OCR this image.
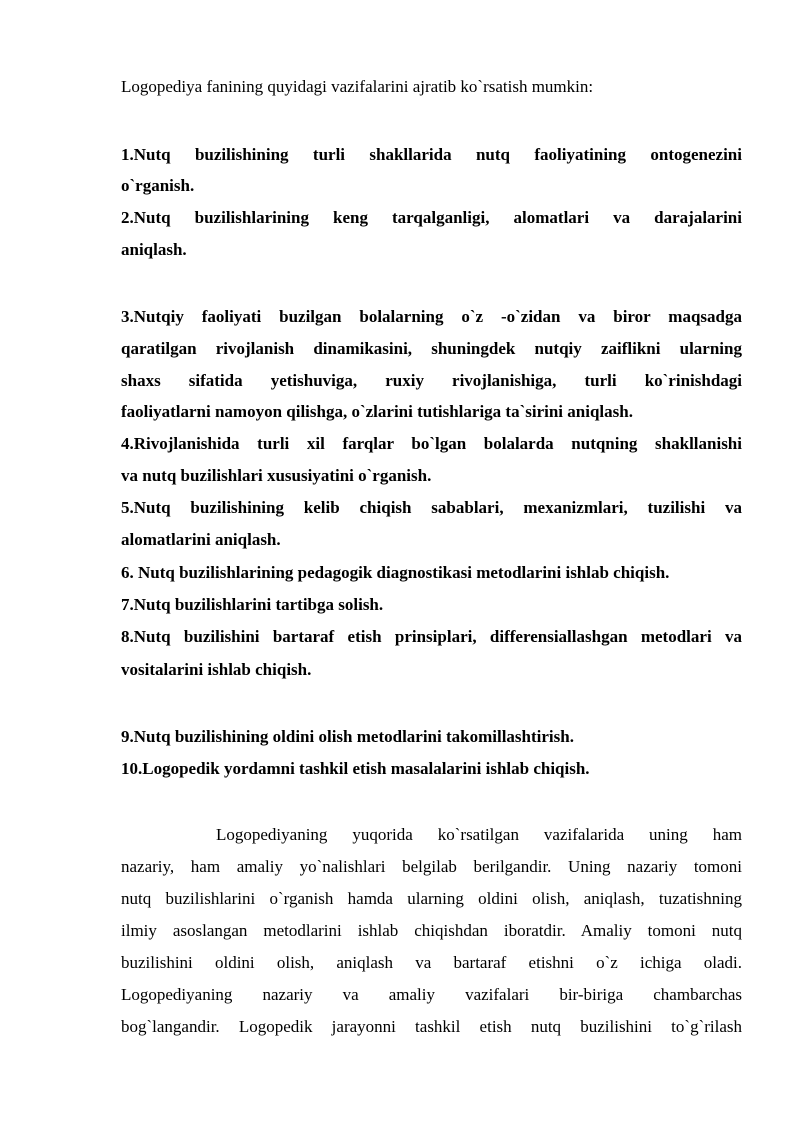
Logopediya fanining quyidagi vazifalarini ajratib ko`rsatish mumkin:
1.Nutq buzilishining turli shakllarida nutq faoliyatining ontogenezini
o`rganish.
2.Nutq buzilishlarining keng tarqalganligi, alomatlari va darajalarini
aniqlash.
3.Nutqiy faoliyati buzilgan bolalarning o`z -o`zidan va biror maqsadga
qaratilgan rivojlanish dinamikasini, shuningdek nutqiy zaiflikni ularning
shaxs sifatida yetishuviga, ruxiy rivojlanishiga, turli ko`rinishdagi
faoliyatlarni namoyon qilishga, o`zlarini tutishlariga ta`sirini aniqlash.
4.Rivojlanishida turli xil farqlar bo`lgan bolalarda nutqning shakllanishi
va nutq buzilishlari xususiyatini o`rganish.
5.Nutq buzilishining kelib chiqish sabablari, mexanizmlari, tuzilishi va
alomatlarini aniqlash.
6. Nutq buzilishlarining pedagogik diagnostikasi metodlarini ishlab chiqish.
7.Nutq buzilishlarini tartibga solish.
8.Nutq buzilishini bartaraf etish prinsiplari, differensiallashgan metodlari va
vositalarini ishlab chiqish.
9.Nutq buzilishining oldini olish metodlarini takomillashtirish.
10.Logopedik yordamni tashkil etish masalalarini ishlab chiqish.
Logopediyaning yuqorida ko`rsatilgan vazifalarida uning ham
nazariy, ham amaliy yo`nalishlari belgilab berilgandir. Uning nazariy tomoni
nutq buzilishlarini o`rganish hamda ularning oldini olish, aniqlash, tuzatishning
ilmiy asoslangan metodlarini ishlab chiqishdan iboratdir. Amaliy tomoni nutq
buzilishini oldini olish, aniqlash va bartaraf etishni o`z ichiga oladi.
Logopediyaning nazariy va amaliy vazifalari bir-biriga chambarchas
bog`langandir. Logopedik jarayonni tashkil etish nutq buzilishini to`g`rilash
